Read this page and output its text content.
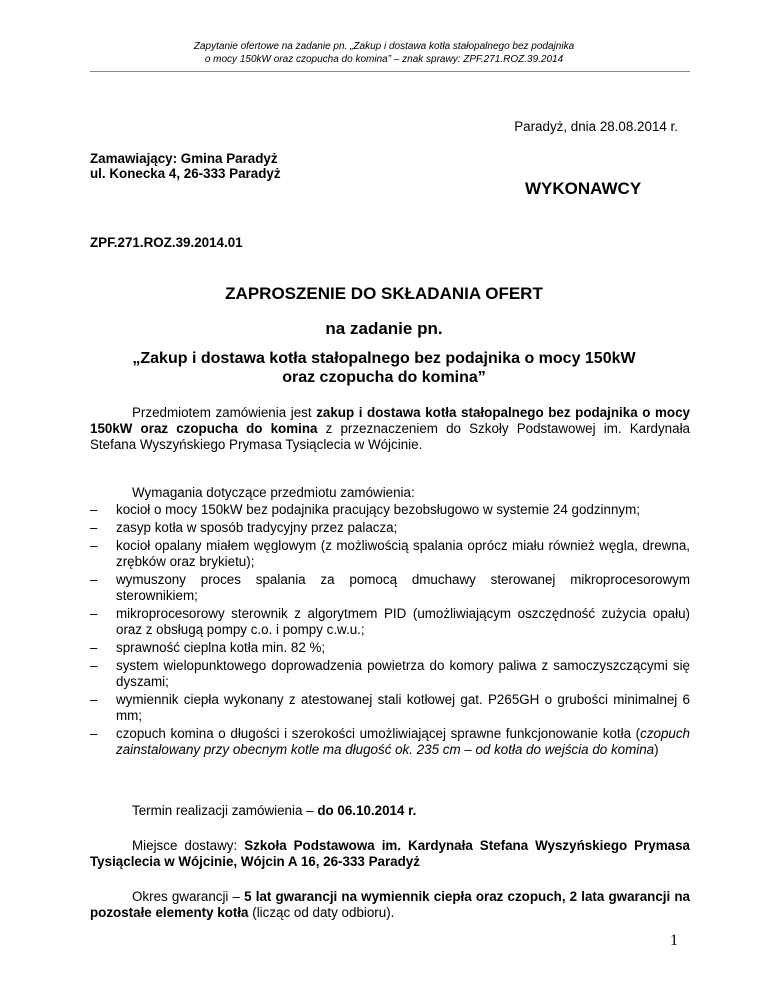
Zapytanie ofertowe na zadanie pn. „Zakup i dostawa kotła stałopalnego bez podajnika
o mocy 150kW oraz czopucha do komina” – znak sprawy: ZPF.271.ROZ.39.2014
Paradyż, dnia 28.08.2014 r.
Zamawiający: Gmina Paradyż
ul. Konecka 4, 26-333 Paradyż
WYKONAWCY
ZPF.271.ROZ.39.2014.01
ZAPROSZENIE DO SKŁADANIA OFERT
na zadanie pn.
„Zakup i dostawa kotła stałopalnego bez podajnika o mocy 150kW
oraz czopucha do komina”
Przedmiotem zamówienia jest zakup i dostawa kotła stałopalnego bez podajnika o mocy 150kW oraz czopucha do komina z przeznaczeniem do Szkoły Podstawowej im. Kardynała Stefana Wyszyńskiego Prymasa Tysiąclecia w Wójcinie.
Wymagania dotyczące przedmiotu zamówienia:
– kocioł o mocy 150kW bez podajnika pracujący bezobsługowo w systemie 24 godzinnym;
– zasyp kotła w sposób tradycyjny przez palacza;
– kocioł opalany miałem węglowym (z możliwością spalania oprócz miału również węgla, drewna, zrębków oraz brykietu);
– wymuszony proces spalania za pomocą dmuchawy sterowanej mikroprocesorowym sterownikiem;
– mikroprocesorowy sterownik z algorytmem PID (umożliwiającym oszczędność zużycia opału) oraz z obsługą pompy c.o. i pompy c.w.u.;
– sprawność cieplna kotła min. 82 %;
– system wielopunktowego doprowadzenia powietrza do komory paliwa z samoczyszczącymi się dyszami;
– wymiennik ciepła wykonany z atestowanej stali kotłowej gat. P265GH o grubości minimalnej 6 mm;
– czopuch komina o długości i szerokości umożliwiającej sprawne funkcjonowanie kotła (czopuch zainstalowany przy obecnym kotle ma długość ok. 235 cm – od kotła do wejścia do komina)
Termin realizacji zamówienia – do 06.10.2014 r.
Miejsce dostawy: Szkoła Podstawowa im. Kardynała Stefana Wyszyńskiego Prymasa Tysiąclecia w Wójcinie, Wójcin A 16, 26-333 Paradyż
Okres gwarancji – 5 lat gwarancji na wymiennik ciepła oraz czopuch, 2 lata gwarancji na pozostałe elementy kotła (licząc od daty odbioru).
1
